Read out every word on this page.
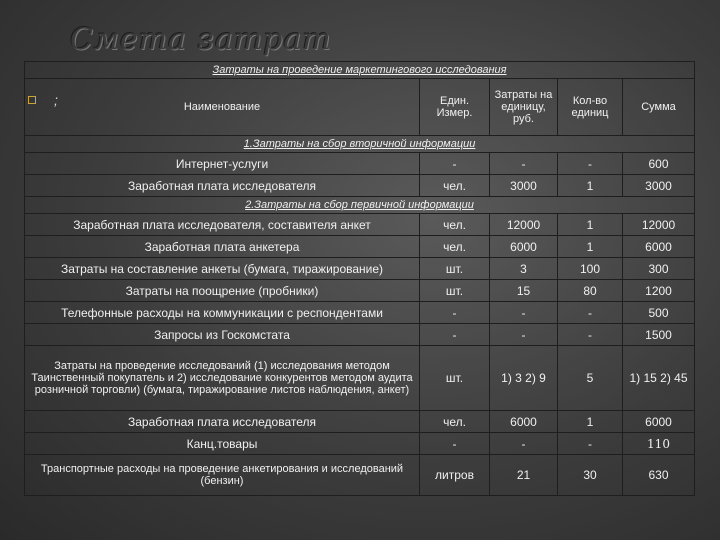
Смета затрат
;
Затраты на проведение маркетингового исследования				
Наименование	Един. Измер.	Затраты на единицу, руб.	Кол-во единиц	Сумма
1.Затраты на сбор вторичной информации				
Интернет-услуги	-	-	-	600
Заработная плата исследователя	чел.	3000	1	3000
2.Затраты на сбор первичной информации				
Заработная плата исследователя, составителя анкет	чел.	12000	1	12000
Заработная плата анкетера	чел.	6000	1	6000
Затраты на составление анкеты (бумага, тиражирование)	шт.	3	100	300
Затраты на поощрение (пробники)	шт.	15	80	1200
Телефонные расходы на коммуникации с респондентами	-	-	-	500
Запросы из Госкомстата	-	-	-	1500
Затраты на проведение исследований (1) исследования методом Таинственный покупатель и 2) исследование конкурентов методом аудита розничной торговли) (бумага, тиражирование листов наблюдения, анкет)	шт.	1) 3 2) 9	5	1) 15 2) 45
Заработная плата исследователя	чел.	6000	1	6000
Канц.товары	-	-	-	110
Транспортные расходы на проведение анкетирования и исследований (бензин)	литров	21	30	630
